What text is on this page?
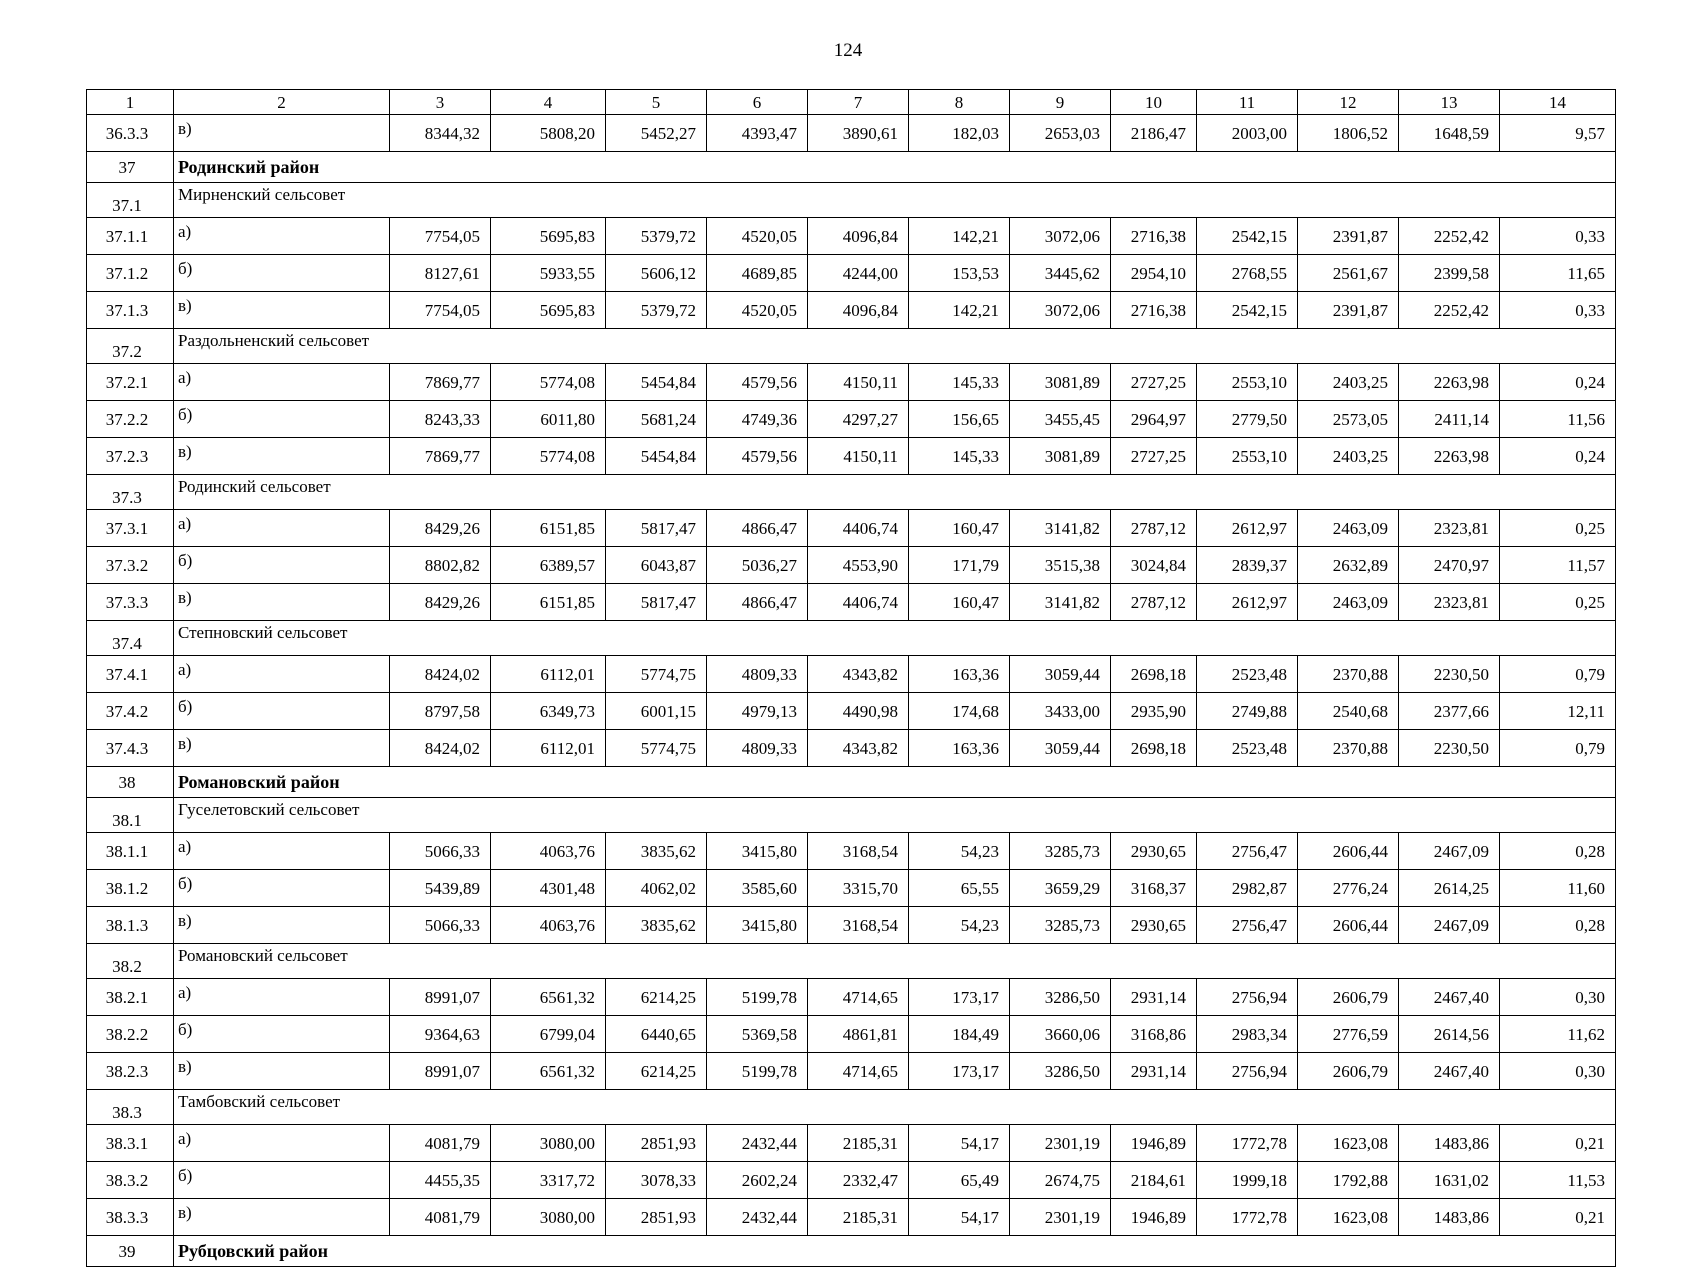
124
1	2	3	4	5	6	7	8	9	10	11	12	13	14
36.3.3	в)	8344,32	5808,20	5452,27	4393,47	3890,61	182,03	2653,03	2186,47	2003,00	1806,52	1648,59	9,57
37	Родинский район												
37.1	Мирненский сельсовет												
37.1.1	а)	7754,05	5695,83	5379,72	4520,05	4096,84	142,21	3072,06	2716,38	2542,15	2391,87	2252,42	0,33
37.1.2	б)	8127,61	5933,55	5606,12	4689,85	4244,00	153,53	3445,62	2954,10	2768,55	2561,67	2399,58	11,65
37.1.3	в)	7754,05	5695,83	5379,72	4520,05	4096,84	142,21	3072,06	2716,38	2542,15	2391,87	2252,42	0,33
37.2	Раздольненский сельсовет												
37.2.1	а)	7869,77	5774,08	5454,84	4579,56	4150,11	145,33	3081,89	2727,25	2553,10	2403,25	2263,98	0,24
37.2.2	б)	8243,33	6011,80	5681,24	4749,36	4297,27	156,65	3455,45	2964,97	2779,50	2573,05	2411,14	11,56
37.2.3	в)	7869,77	5774,08	5454,84	4579,56	4150,11	145,33	3081,89	2727,25	2553,10	2403,25	2263,98	0,24
37.3	Родинский сельсовет												
37.3.1	а)	8429,26	6151,85	5817,47	4866,47	4406,74	160,47	3141,82	2787,12	2612,97	2463,09	2323,81	0,25
37.3.2	б)	8802,82	6389,57	6043,87	5036,27	4553,90	171,79	3515,38	3024,84	2839,37	2632,89	2470,97	11,57
37.3.3	в)	8429,26	6151,85	5817,47	4866,47	4406,74	160,47	3141,82	2787,12	2612,97	2463,09	2323,81	0,25
37.4	Степновский сельсовет												
37.4.1	а)	8424,02	6112,01	5774,75	4809,33	4343,82	163,36	3059,44	2698,18	2523,48	2370,88	2230,50	0,79
37.4.2	б)	8797,58	6349,73	6001,15	4979,13	4490,98	174,68	3433,00	2935,90	2749,88	2540,68	2377,66	12,11
37.4.3	в)	8424,02	6112,01	5774,75	4809,33	4343,82	163,36	3059,44	2698,18	2523,48	2370,88	2230,50	0,79
38	Романовский район												
38.1	Гуселетовский сельсовет												
38.1.1	а)	5066,33	4063,76	3835,62	3415,80	3168,54	54,23	3285,73	2930,65	2756,47	2606,44	2467,09	0,28
38.1.2	б)	5439,89	4301,48	4062,02	3585,60	3315,70	65,55	3659,29	3168,37	2982,87	2776,24	2614,25	11,60
38.1.3	в)	5066,33	4063,76	3835,62	3415,80	3168,54	54,23	3285,73	2930,65	2756,47	2606,44	2467,09	0,28
38.2	Романовский сельсовет												
38.2.1	а)	8991,07	6561,32	6214,25	5199,78	4714,65	173,17	3286,50	2931,14	2756,94	2606,79	2467,40	0,30
38.2.2	б)	9364,63	6799,04	6440,65	5369,58	4861,81	184,49	3660,06	3168,86	2983,34	2776,59	2614,56	11,62
38.2.3	в)	8991,07	6561,32	6214,25	5199,78	4714,65	173,17	3286,50	2931,14	2756,94	2606,79	2467,40	0,30
38.3	Тамбовский сельсовет												
38.3.1	а)	4081,79	3080,00	2851,93	2432,44	2185,31	54,17	2301,19	1946,89	1772,78	1623,08	1483,86	0,21
38.3.2	б)	4455,35	3317,72	3078,33	2602,24	2332,47	65,49	2674,75	2184,61	1999,18	1792,88	1631,02	11,53
38.3.3	в)	4081,79	3080,00	2851,93	2432,44	2185,31	54,17	2301,19	1946,89	1772,78	1623,08	1483,86	0,21
39	Рубцовский район												
